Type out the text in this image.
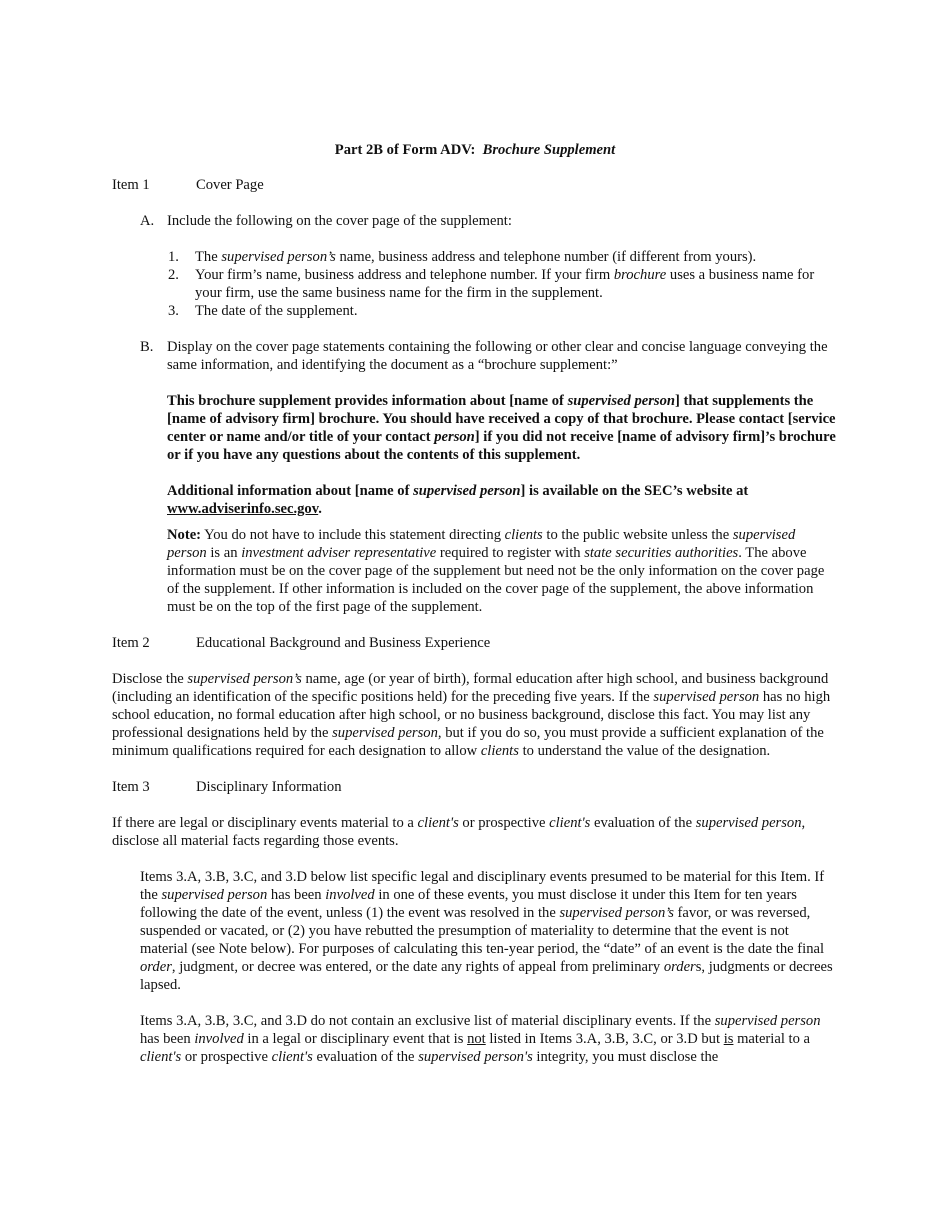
Part 2B of Form ADV: Brochure Supplement

Item 1	Cover Page
A. Include the following on the cover page of the supplement:
1.	The supervised person’s name, business address and telephone number (if different from yours).
2.	Your firm’s name, business address and telephone number. If your firm brochure uses a business name for your firm, use the same business name for the firm in the supplement.
3.	The date of the supplement.
B. Display on the cover page statements containing the following or other clear and concise language conveying the same information, and identifying the document as a “brochure supplement:”

This brochure supplement provides information about [name of supervised person] that supplements the [name of advisory firm] brochure. You should have received a copy of that brochure. Please contact [service center or name and/or title of your contact person] if you did not receive [name of advisory firm]’s brochure or if you have any questions about the contents of this supplement.

Additional information about [name of supervised person] is available on the SEC’s website at www.adviserinfo.sec.gov.

Note: You do not have to include this statement directing clients to the public website unless the supervised person is an investment adviser representative required to register with state securities authorities. The above information must be on the cover page of the supplement but need not be the only information on the cover page of the supplement. If other information is included on the cover page of the supplement, the above information must be on the top of the first page of the supplement.

Item 2	Educational Background and Business Experience

Disclose the supervised person’s name, age (or year of birth), formal education after high school, and business background (including an identification of the specific positions held) for the preceding five years. If the supervised person has no high school education, no formal education after high school, or no business background, disclose this fact. You may list any professional designations held by the supervised person, but if you do so, you must provide a sufficient explanation of the minimum qualifications required for each designation to allow clients to understand the value of the designation.

Item 3	Disciplinary Information

If there are legal or disciplinary events material to a client's or prospective client's evaluation of the supervised person, disclose all material facts regarding those events.

Items 3.A, 3.B, 3.C, and 3.D below list specific legal and disciplinary events presumed to be material for this Item. If the supervised person has been involved in one of these events, you must disclose it under this Item for ten years following the date of the event, unless (1) the event was resolved in the supervised person’s favor, or was reversed, suspended or vacated, or (2) you have rebutted the presumption of materiality to determine that the event is not material (see Note below). For purposes of calculating this ten-year period, the “date” of an event is the date the final order, judgment, or decree was entered, or the date any rights of appeal from preliminary orders, judgments or decrees lapsed.

Items 3.A, 3.B, 3.C, and 3.D do not contain an exclusive list of material disciplinary events. If the supervised person has been involved in a legal or disciplinary event that is not listed in Items 3.A, 3.B, 3.C, or 3.D but is material to a client's or prospective client's evaluation of the supervised person's integrity, you must disclose the
